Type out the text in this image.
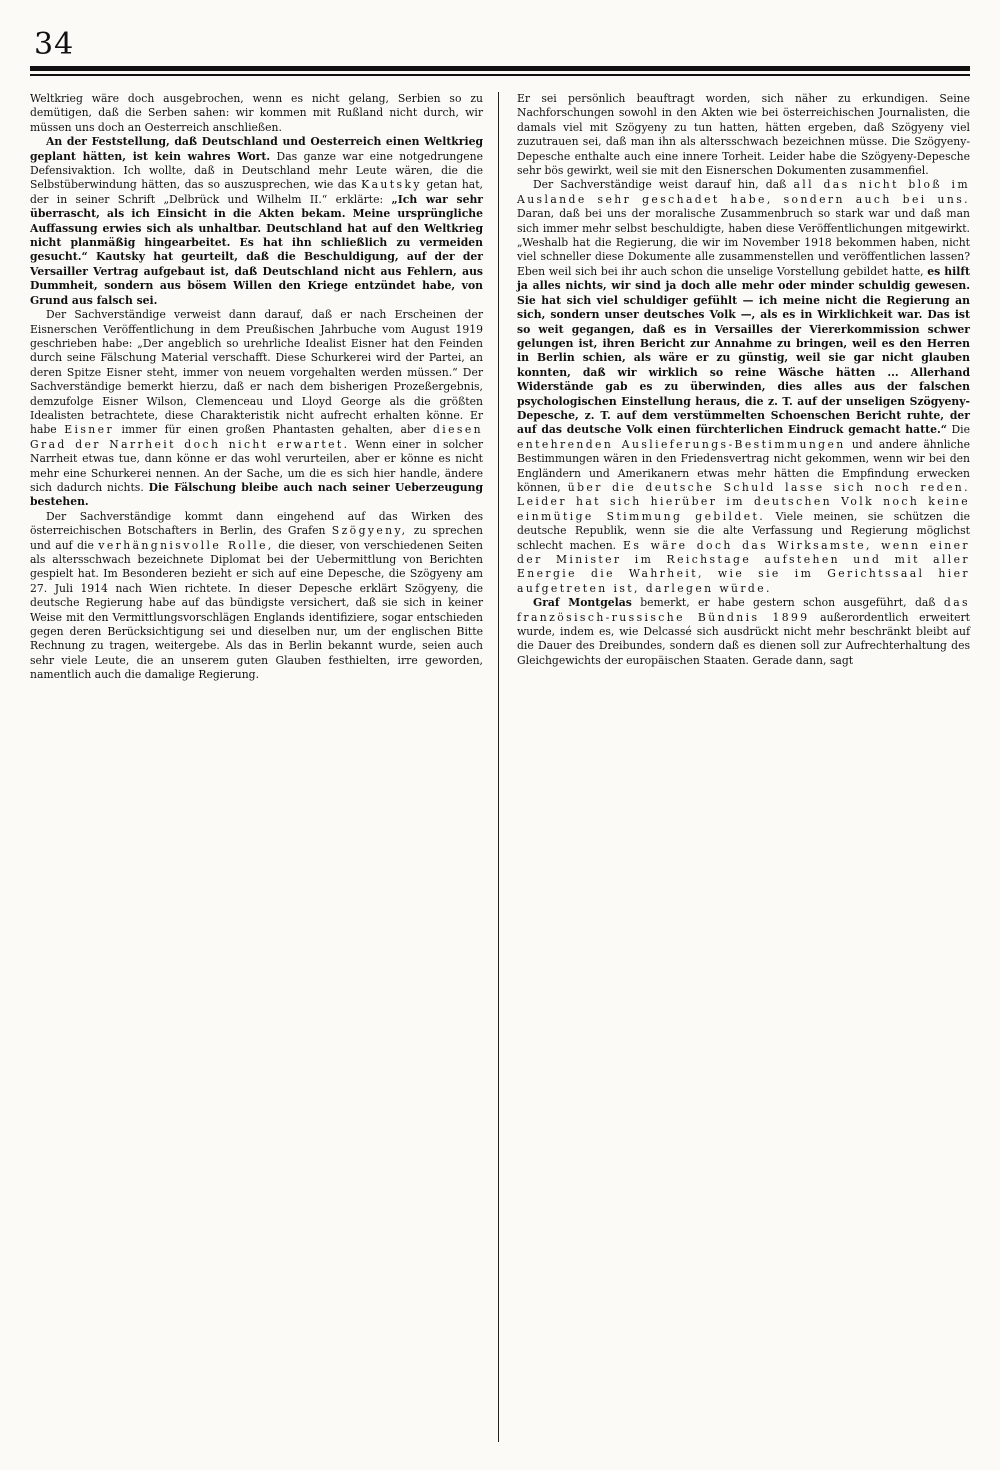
34

Weltkrieg wäre doch ausgebrochen, wenn es nicht gelang, Serbien so zu demütigen, daß die Serben sahen: wir kommen mit Rußland nicht durch, wir müssen uns doch an Oesterreich anschließen.

An der Feststellung, daß Deutschland und Oesterreich einen Weltkrieg geplant hätten, ist kein wahres Wort. Das ganze war eine notgedrungene Defensivaktion. Ich wollte, daß in Deutschland mehr Leute wären, die die Selbstüberwindung hätten, das so auszusprechen, wie das Kautsky getan hat, der in seiner Schrift „Delbrück und Wilhelm II.“ erklärte: „Ich war sehr überrascht, als ich Einsicht in die Akten bekam. Meine ursprüngliche Auffassung erwies sich als unhaltbar. Deutschland hat auf den Weltkrieg nicht planmäßig hingearbeitet. Es hat ihn schließlich zu vermeiden gesucht.“ Kautsky hat geurteilt, daß die Beschuldigung, auf der der Versailler Vertrag aufgebaut ist, daß Deutschland nicht aus Fehlern, aus Dummheit, sondern aus bösem Willen den Kriege entzündet habe, von Grund aus falsch sei.

Der Sachverständige verweist dann darauf, daß er nach Erscheinen der Eisnerschen Veröffentlichung in dem Preußischen Jahrbuche vom August 1919 geschrieben habe: „Der angeblich so urehrliche Idealist Eisner hat den Feinden durch seine Fälschung Material verschafft. Diese Schurkerei wird der Partei, an deren Spitze Eisner steht, immer von neuem vorgehalten werden müssen.“ Der Sachverständige bemerkt hierzu, daß er nach dem bisherigen Prozeßergebnis, demzufolge Eisner Wilson, Clemenceau und Lloyd George als die größten Idealisten betrachtete, diese Charakteristik nicht aufrecht erhalten könne. Er habe Eisner immer für einen großen Phantasten gehalten, aber diesen Grad der Narrheit doch nicht erwartet. Wenn einer in solcher Narrheit etwas tue, dann könne er das wohl verurteilen, aber er könne es nicht mehr eine Schurkerei nennen. An der Sache, um die es sich hier handle, ändere sich dadurch nichts. Die Fälschung bleibe auch nach seiner Ueberzeugung bestehen.

Der Sachverständige kommt dann eingehend auf das Wirken des österreichischen Botschafters in Berlin, des Grafen Szögyeny, zu sprechen und auf die verhängnisvolle Rolle, die dieser, von verschiedenen Seiten als altersschwach bezeichnete Diplomat bei der Uebermittlung von Berichten gespielt hat. Im Besonderen bezieht er sich auf eine Depesche, die Szögyeny am 27. Juli 1914 nach Wien richtete. In dieser Depesche erklärt Szögyeny, die deutsche Regierung habe auf das bündigste versichert, daß sie sich in keiner Weise mit den Vermittlungsvorschlägen Englands identifiziere, sogar entschieden gegen deren Berücksichtigung sei und dieselben nur, um der englischen Bitte Rechnung zu tragen, weitergebe. Als das in Berlin bekannt wurde, seien auch sehr viele Leute, die an unserem guten Glauben festhielten, irre geworden, namentlich auch die damalige Regierung.

Er sei persönlich beauftragt worden, sich näher zu erkundigen. Seine Nachforschungen sowohl in den Akten wie bei österreichischen Journalisten, die damals viel mit Szögyeny zu tun hatten, hätten ergeben, daß Szögyeny viel zuzutrauen sei, daß man ihn als altersschwach bezeichnen müsse. Die Szögyeny-Depesche enthalte auch eine innere Torheit. Leider habe die Szögyeny-Depesche sehr bös gewirkt, weil sie mit den Eisnerschen Dokumenten zusammenfiel.

Der Sachverständige weist darauf hin, daß all das nicht bloß im Auslande sehr geschadet habe, sondern auch bei uns. Daran, daß bei uns der moralische Zusammenbruch so stark war und daß man sich immer mehr selbst beschuldigte, haben diese Veröffentlichungen mitgewirkt. „Weshalb hat die Regierung, die wir im November 1918 bekommen haben, nicht viel schneller diese Dokumente alle zusammenstellen und veröffentlichen lassen? Eben weil sich bei ihr auch schon die unselige Vorstellung gebildet hatte, es hilft ja alles nichts, wir sind ja doch alle mehr oder minder schuldig gewesen. Sie hat sich viel schuldiger gefühlt — ich meine nicht die Regierung an sich, sondern unser deutsches Volk —, als es in Wirklichkeit war. Das ist so weit gegangen, daß es in Versailles der Viererkommission schwer gelungen ist, ihren Bericht zur Annahme zu bringen, weil es den Herren in Berlin schien, als wäre er zu günstig, weil sie gar nicht glauben konnten, daß wir wirklich so reine Wäsche hätten ... Allerhand Widerstände gab es zu überwinden, dies alles aus der falschen psychologischen Einstellung heraus, die z. T. auf der unseligen Szögyeny-Depesche, z. T. auf dem verstümmelten Schoenschen Bericht ruhte, der auf das deutsche Volk einen fürchterlichen Eindruck gemacht hatte.“ Die entehrenden Auslieferungs-Bestimmungen und andere ähnliche Bestimmungen wären in den Friedensvertrag nicht gekommen, wenn wir bei den Engländern und Amerikanern etwas mehr hätten die Empfindung erwecken können, über die deutsche Schuld lasse sich noch reden. Leider hat sich hierüber im deutschen Volk noch keine einmütige Stimmung gebildet. Viele meinen, sie schützen die deutsche Republik, wenn sie die alte Verfassung und Regierung möglichst schlecht machen. Es wäre doch das Wirksamste, wenn einer der Minister im Reichstage aufstehen und mit aller Energie die Wahrheit, wie sie im Gerichtssaal hier aufgetreten ist, darlegen würde.

Graf Montgelas bemerkt, er habe gestern schon ausgeführt, daß das französisch-russische Bündnis 1899 außerordentlich erweitert wurde, indem es, wie Delcassé sich ausdrückt nicht mehr beschränkt bleibt auf die Dauer des Dreibundes, sondern daß es dienen soll zur Aufrechterhaltung des Gleichgewichts der europäischen Staaten. Gerade dann, sagt
